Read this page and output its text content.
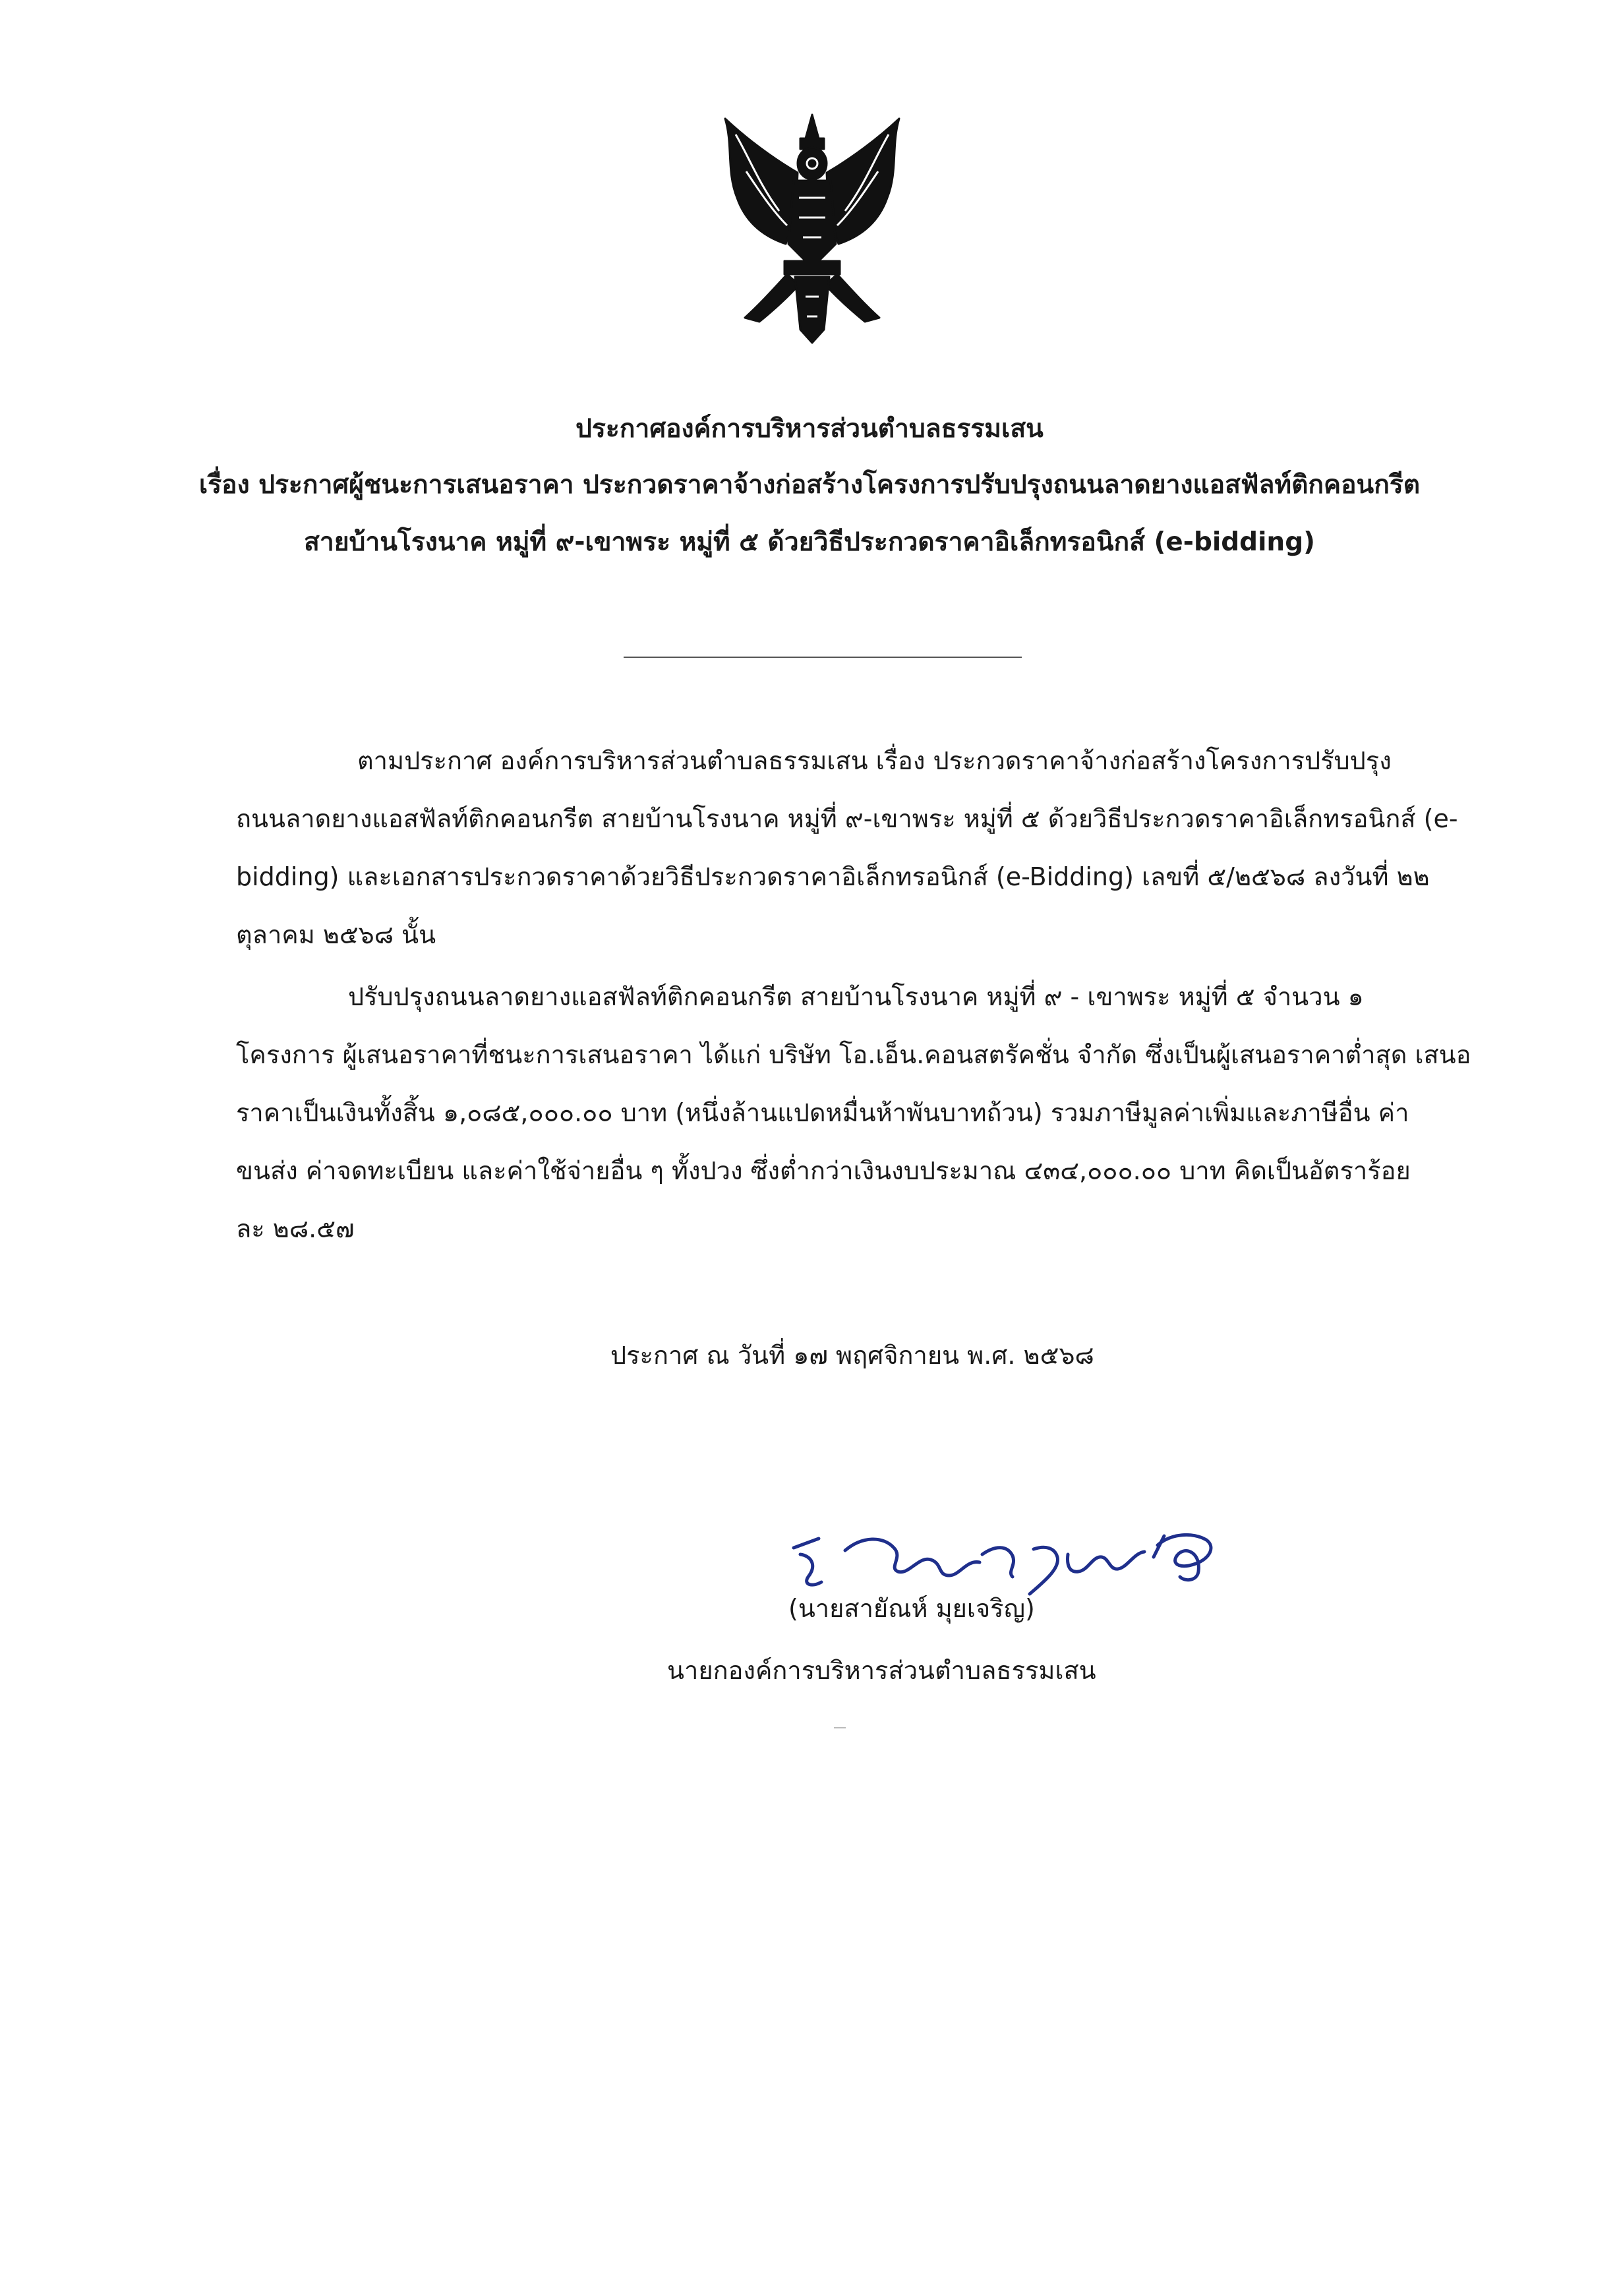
ประกาศองค์การบริหารส่วนตำบลธรรมเสน
เรื่อง ประกาศผู้ชนะการเสนอราคา ประกวดราคาจ้างก่อสร้างโครงการปรับปรุงถนนลาดยางแอสฟัลท์ติกคอนกรีต
สายบ้านโรงนาค หมู่ที่ ๙-เขาพระ หมู่ที่ ๕ ด้วยวิธีประกวดราคาอิเล็กทรอนิกส์ (e-bidding)
ตามประกาศ องค์การบริหารส่วนตำบลธรรมเสน เรื่อง ประกวดราคาจ้างก่อสร้างโครงการปรับปรุง
ถนนลาดยางแอสฟัลท์ติกคอนกรีต สายบ้านโรงนาค หมู่ที่ ๙-เขาพระ หมู่ที่ ๕ ด้วยวิธีประกวดราคาอิเล็กทรอนิกส์ (e-
bidding) และเอกสารประกวดราคาด้วยวิธีประกวดราคาอิเล็กทรอนิกส์ (e-Bidding) เลขที่ ๕/๒๕๖๘ ลงวันที่ ๒๒
ตุลาคม ๒๕๖๘ นั้น
ปรับปรุงถนนลาดยางแอสฟัลท์ติกคอนกรีต สายบ้านโรงนาค หมู่ที่ ๙ - เขาพระ หมู่ที่ ๕ จำนวน ๑
โครงการ ผู้เสนอราคาที่ชนะการเสนอราคา ได้แก่ บริษัท โอ.เอ็น.คอนสตรัคชั่น จำกัด ซึ่งเป็นผู้เสนอราคาต่ำสุด เสนอ
ราคาเป็นเงินทั้งสิ้น ๑,๐๘๕,๐๐๐.๐๐ บาท (หนึ่งล้านแปดหมื่นห้าพันบาทถ้วน) รวมภาษีมูลค่าเพิ่มและภาษีอื่น ค่า
ขนส่ง ค่าจดทะเบียน และค่าใช้จ่ายอื่น ๆ ทั้งปวง ซึ่งต่ำกว่าเงินงบประมาณ ๔๓๔,๐๐๐.๐๐ บาท คิดเป็นอัตราร้อย
ละ ๒๘.๕๗
ประกาศ ณ วันที่ ๑๗ พฤศจิกายน พ.ศ. ๒๕๖๘
(นายสายัณห์ มุยเจริญ)
นายกองค์การบริหารส่วนตำบลธรรมเสน
